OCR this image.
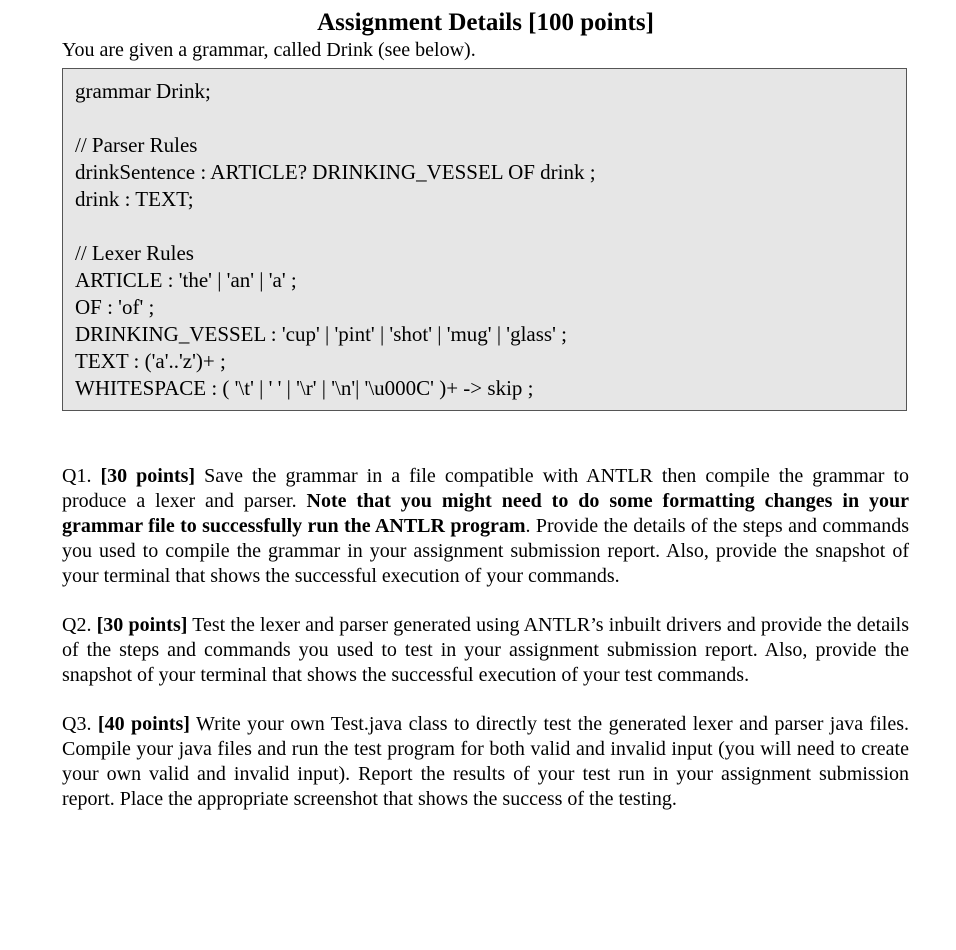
Assignment Details [100 points]

You are given a grammar, called Drink (see below).

grammar Drink;
// Parser Rules
drinkSentence : ARTICLE? DRINKING_VESSEL OF drink ;
drink : TEXT;
// Lexer Rules
ARTICLE : 'the' | 'an' | 'a' ;
OF : 'of' ;
DRINKING_VESSEL : 'cup' | 'pint' | 'shot' | 'mug' | 'glass' ;
TEXT : ('a'..'z')+ ;
WHITESPACE : ( '\t' | ' ' | '\r' | '\n'| '\u000C' )+ -> skip ;

Q1. [30 points] Save the grammar in a file compatible with ANTLR then compile the grammar to produce a lexer and parser. Note that you might need to do some formatting changes in your grammar file to successfully run the ANTLR program. Provide the details of the steps and commands you used to compile the grammar in your assignment submission report. Also, provide the snapshot of your terminal that shows the successful execution of your commands.

Q2. [30 points] Test the lexer and parser generated using ANTLR’s inbuilt drivers and provide the details of the steps and commands you used to test in your assignment submission report. Also, provide the snapshot of your terminal that shows the successful execution of your test commands.

Q3. [40 points] Write your own Test.java class to directly test the generated lexer and parser java files. Compile your java files and run the test program for both valid and invalid input (you will need to create your own valid and invalid input). Report the results of your test run in your assignment submission report. Place the appropriate screenshot that shows the success of the testing.
